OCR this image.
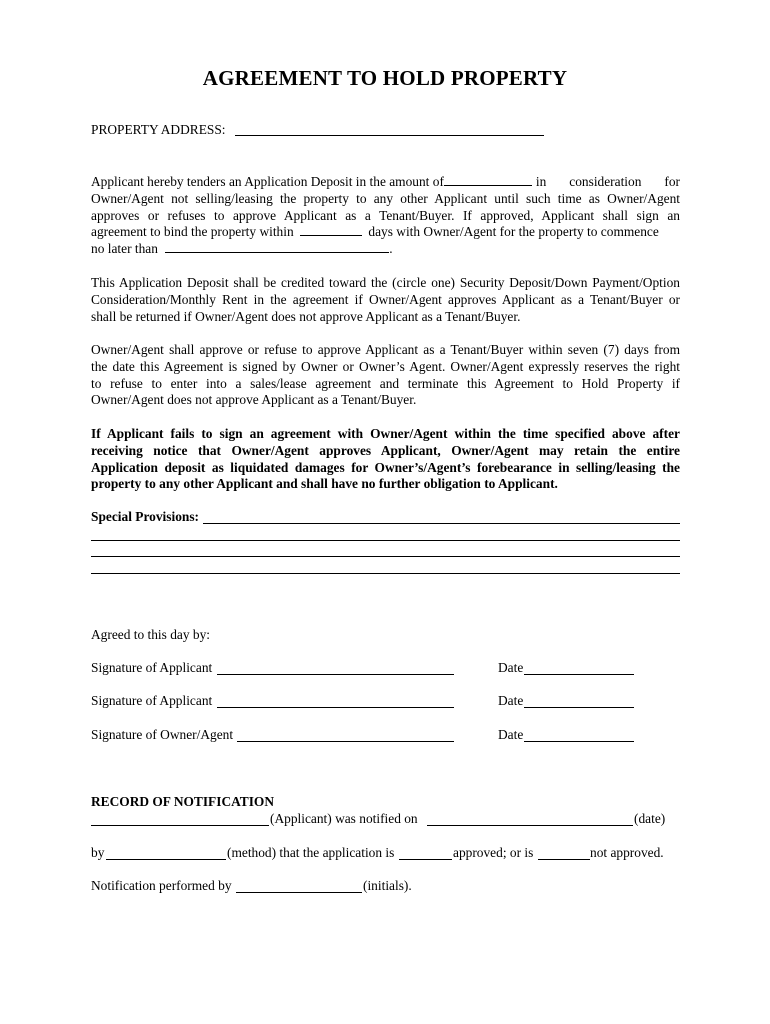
AGREEMENT TO HOLD PROPERTY
PROPERTY ADDRESS:
Applicant hereby tenders an Application Deposit in the amount of	in consideration for
Owner/Agent not selling/leasing the property to any other Applicant until such time as Owner/Agent
approves or refuses to approve Applicant as a Tenant/Buyer. If approved, Applicant shall sign an
agreement to bind the property within	days with Owner/Agent for the property to commence
no later than	.
This Application Deposit shall be credited toward the (circle one) Security Deposit/Down Payment/Option
Consideration/Monthly Rent in the agreement if Owner/Agent approves Applicant as a Tenant/Buyer or
shall be returned if Owner/Agent does not approve Applicant as a Tenant/Buyer.
Owner/Agent shall approve or refuse to approve Applicant as a Tenant/Buyer within seven (7) days from
the date this Agreement is signed by Owner or Owner’s Agent. Owner/Agent expressly reserves the right
to refuse to enter into a sales/lease agreement and terminate this Agreement to Hold Property if
Owner/Agent does not approve Applicant as a Tenant/Buyer.
If Applicant fails to sign an agreement with Owner/Agent within the time specified above after
receiving notice that Owner/Agent approves Applicant, Owner/Agent may retain the entire
Application deposit as liquidated damages for Owner’s/Agent’s forebearance in selling/leasing the
property to any other Applicant and shall have no further obligation to Applicant.
Special Provisions:
Agreed to this day by:
Signature of Applicant	Date
Signature of Applicant	Date
Signature of Owner/Agent	Date
RECORD OF NOTIFICATION
(Applicant) was notified on	(date)
by	(method) that the application is	approved; or is	not approved.
Notification performed by	(initials).
